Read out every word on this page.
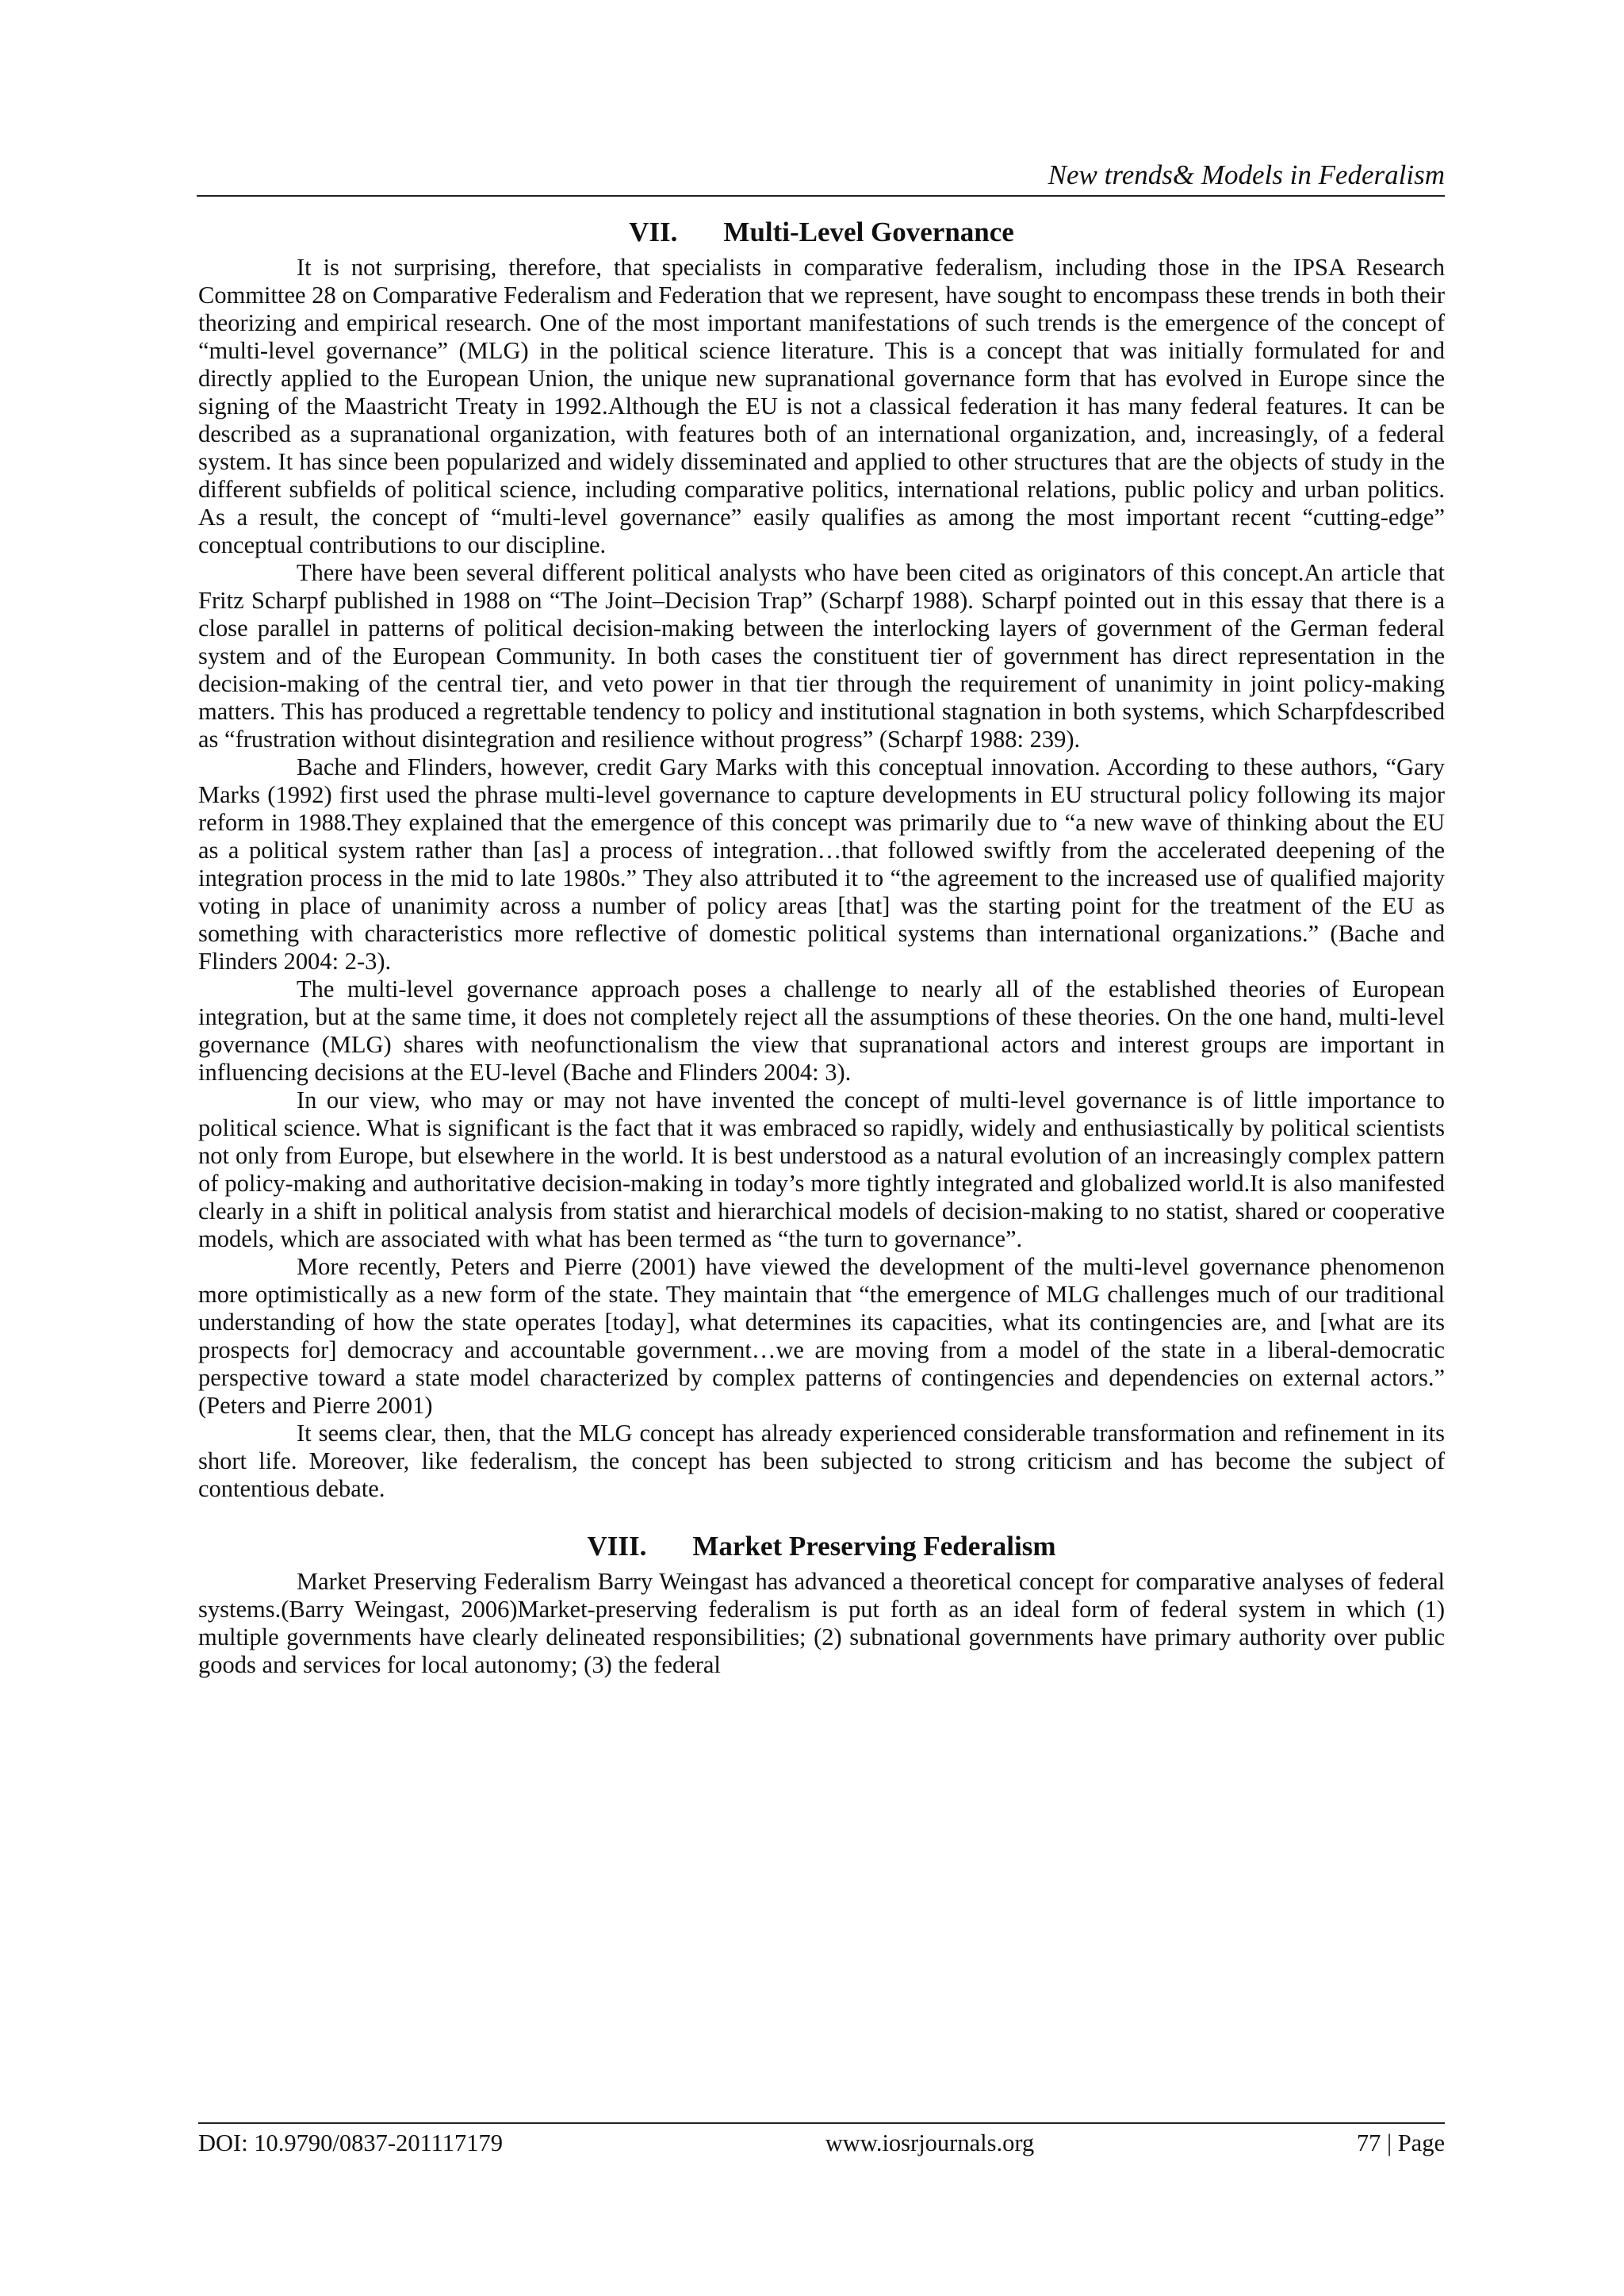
New trends& Models in Federalism
VII. Multi-Level Governance

It is not surprising, therefore, that specialists in comparative federalism, including those in the IPSA Research Committee 28 on Comparative Federalism and Federation that we represent, have sought to encompass these trends in both their theorizing and empirical research. One of the most important manifestations of such trends is the emergence of the concept of “multi-level governance” (MLG) in the political science literature. This is a concept that was initially formulated for and directly applied to the European Union, the unique new supranational governance form that has evolved in Europe since the signing of the Maastricht Treaty in 1992.Although the EU is not a classical federation it has many federal features. It can be described as a supranational organization, with features both of an international organization, and, increasingly, of a federal system. It has since been popularized and widely disseminated and applied to other structures that are the objects of study in the different subfields of political science, including comparative politics, international relations, public policy and urban politics. As a result, the concept of “multi-level governance” easily qualifies as among the most important recent “cutting-edge” conceptual contributions to our discipline.

There have been several different political analysts who have been cited as originators of this concept.An article that Fritz Scharpf published in 1988 on “The Joint–Decision Trap” (Scharpf 1988). Scharpf pointed out in this essay that there is a close parallel in patterns of political decision-making between the interlocking layers of government of the German federal system and of the European Community. In both cases the constituent tier of government has direct representation in the decision-making of the central tier, and veto power in that tier through the requirement of unanimity in joint policy-making matters. This has produced a regrettable tendency to policy and institutional stagnation in both systems, which Scharpfdescribed as “frustration without disintegration and resilience without progress” (Scharpf 1988: 239).

Bache and Flinders, however, credit Gary Marks with this conceptual innovation. According to these authors, “Gary Marks (1992) first used the phrase multi-level governance to capture developments in EU structural policy following its major reform in 1988.They explained that the emergence of this concept was primarily due to “a new wave of thinking about the EU as a political system rather than [as] a process of integration…that followed swiftly from the accelerated deepening of the integration process in the mid to late 1980s.” They also attributed it to “the agreement to the increased use of qualified majority voting in place of unanimity across a number of policy areas [that] was the starting point for the treatment of the EU as something with characteristics more reflective of domestic political systems than international organizations.” (Bache and Flinders 2004: 2-3).

The multi-level governance approach poses a challenge to nearly all of the established theories of European integration, but at the same time, it does not completely reject all the assumptions of these theories. On the one hand, multi-level governance (MLG) shares with neofunctionalism the view that supranational actors and interest groups are important in influencing decisions at the EU-level (Bache and Flinders 2004: 3).

In our view, who may or may not have invented the concept of multi-level governance is of little importance to political science. What is significant is the fact that it was embraced so rapidly, widely and enthusiastically by political scientists not only from Europe, but elsewhere in the world. It is best understood as a natural evolution of an increasingly complex pattern of policy-making and authoritative decision-making in today’s more tightly integrated and globalized world.It is also manifested clearly in a shift in political analysis from statist and hierarchical models of decision-making to no statist, shared or cooperative models, which are associated with what has been termed as “the turn to governance”.

More recently, Peters and Pierre (2001) have viewed the development of the multi-level governance phenomenon more optimistically as a new form of the state. They maintain that “the emergence of MLG challenges much of our traditional understanding of how the state operates [today], what determines its capacities, what its contingencies are, and [what are its prospects for] democracy and accountable government…we are moving from a model of the state in a liberal-democratic perspective toward a state model characterized by complex patterns of contingencies and dependencies on external actors.” (Peters and Pierre 2001)

It seems clear, then, that the MLG concept has already experienced considerable transformation and refinement in its short life. Moreover, like federalism, the concept has been subjected to strong criticism and has become the subject of contentious debate.

VIII. Market Preserving Federalism

Market Preserving Federalism Barry Weingast has advanced a theoretical concept for comparative analyses of federal systems.(Barry Weingast, 2006)Market-preserving federalism is put forth as an ideal form of federal system in which (1) multiple governments have clearly delineated responsibilities; (2) subnational governments have primary authority over public goods and services for local autonomy; (3) the federal

DOI: 10.9790/0837-201117179	www.iosrjournals.org	77 | Page
